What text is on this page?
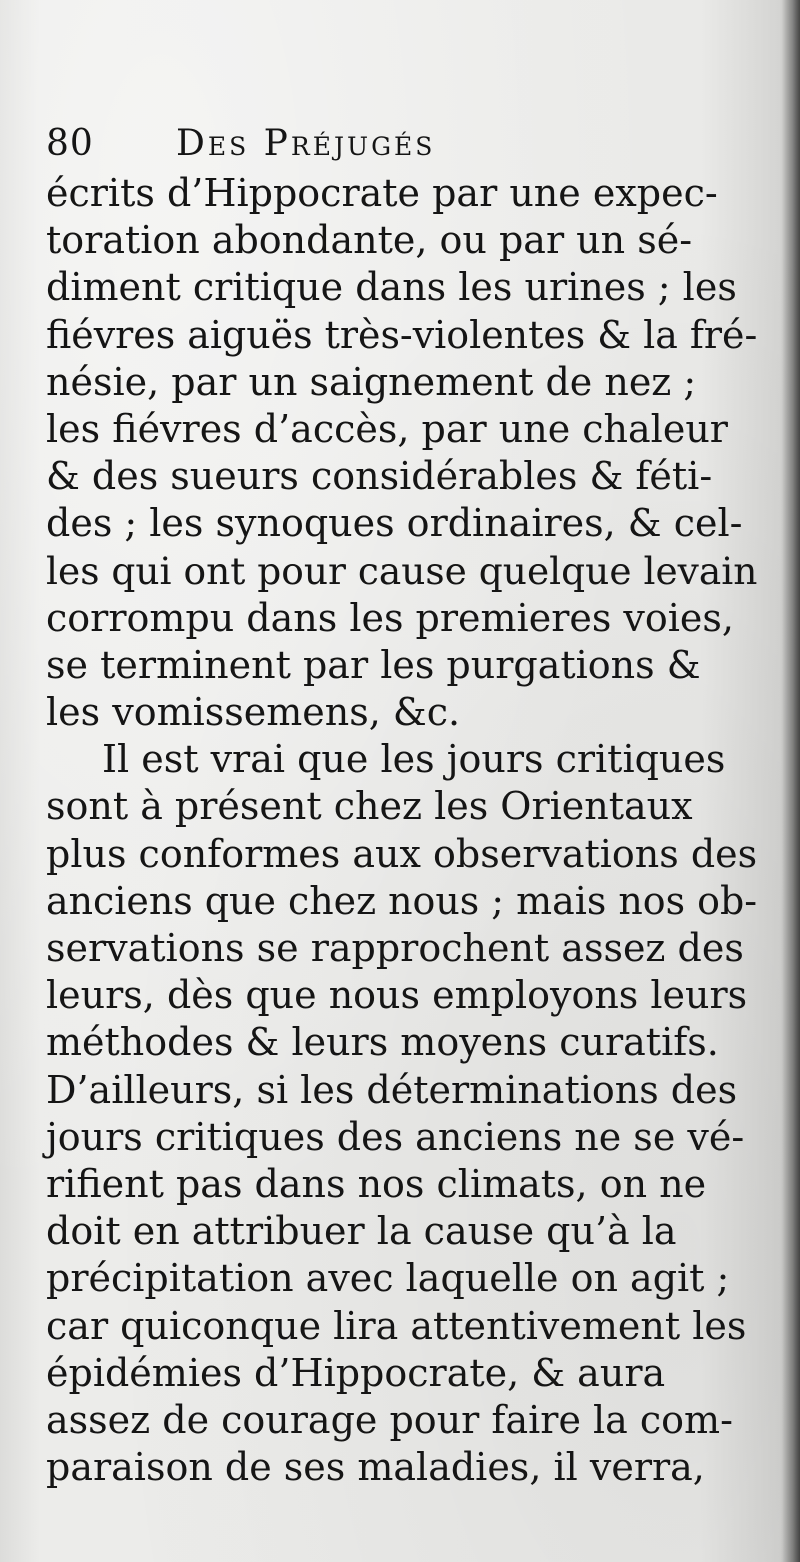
80 Des Préjugés
écrits d’Hippocrate par une expec-
toration abondante, ou par un sé-
diment critique dans les urines ; les
fiévres aiguës très-violentes & la fré-
nésie, par un saignement de nez ;
les fiévres d’accès, par une chaleur
& des sueurs considérables & féti-
des ; les synoques ordinaires, & cel-
les qui ont pour cause quelque levain
corrompu dans les premieres voies,
se terminent par les purgations &
les vomissemens, &c.
Il est vrai que les jours critiques
sont à présent chez les Orientaux
plus conformes aux observations des
anciens que chez nous ; mais nos ob-
servations se rapprochent assez des
leurs, dès que nous employons leurs
méthodes & leurs moyens curatifs.
D’ailleurs, si les déterminations des
jours critiques des anciens ne se vé-
rifient pas dans nos climats, on ne
doit en attribuer la cause qu’à la
précipitation avec laquelle on agit ;
car quiconque lira attentivement les
épidémies d’Hippocrate, & aura
assez de courage pour faire la com-
paraison de ses maladies, il verra,
